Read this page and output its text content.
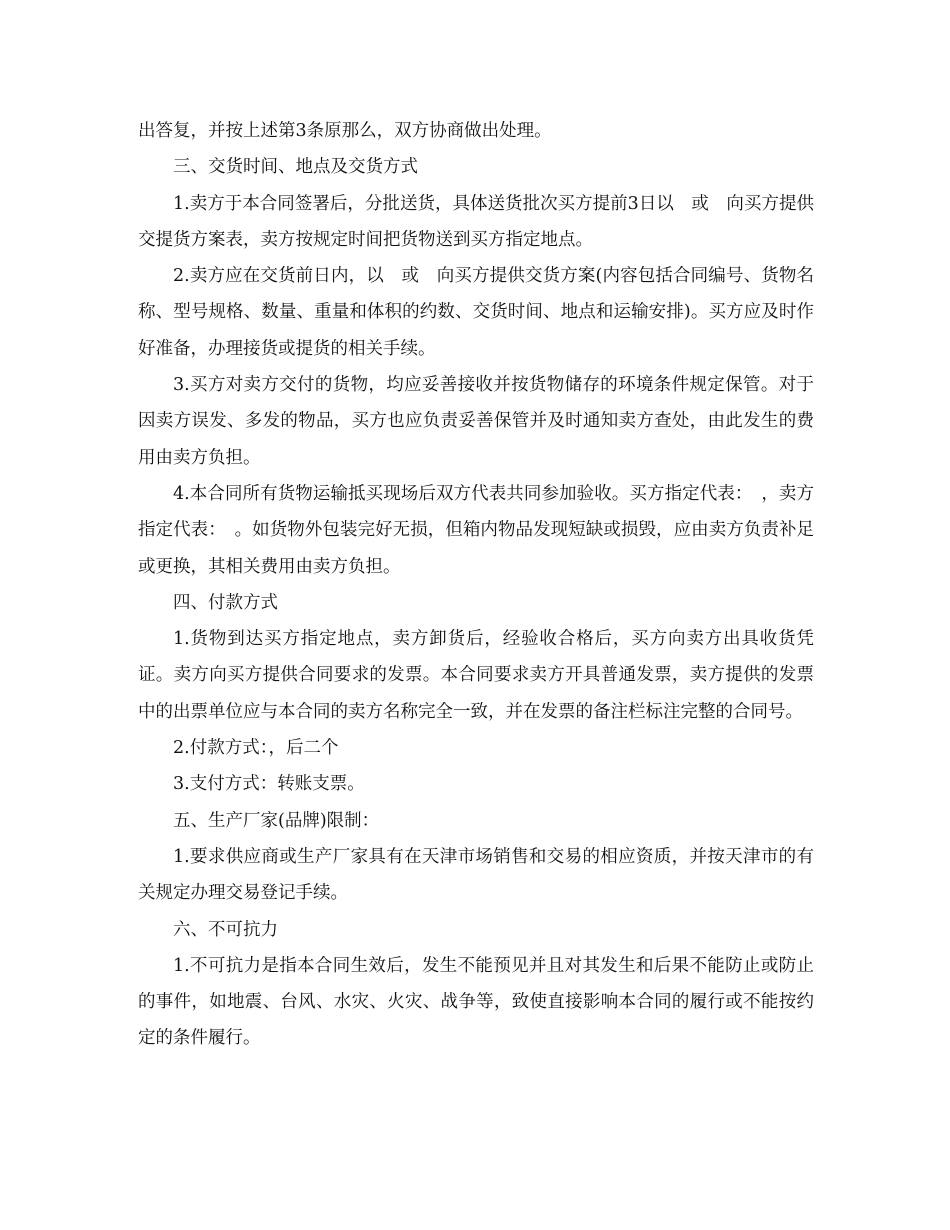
出答复，并按上述第3条原那么，双方协商做出处理。

三、交货时间、地点及交货方式

1.卖方于本合同签署后，分批送货，具体送货批次买方提前3日以　或　向买方提供交提货方案表，卖方按规定时间把货物送到买方指定地点。

2.卖方应在交货前日内，以　或　向买方提供交货方案(内容包括合同编号、货物名称、型号规格、数量、重量和体积的约数、交货时间、地点和运输安排)。买方应及时作好准备，办理接货或提货的相关手续。

3.买方对卖方交付的货物，均应妥善接收并按货物储存的环境条件规定保管。对于因卖方误发、多发的物品，买方也应负责妥善保管并及时通知卖方查处，由此发生的费用由卖方负担。

4.本合同所有货物运输抵买现场后双方代表共同参加验收。买方指定代表：　，卖方指定代表：　。如货物外包装完好无损，但箱内物品发现短缺或损毁，应由卖方负责补足或更换，其相关费用由卖方负担。

四、付款方式

1.货物到达买方指定地点，卖方卸货后，经验收合格后，买方向卖方出具收货凭证。卖方向买方提供合同要求的发票。本合同要求卖方开具普通发票，卖方提供的发票中的出票单位应与本合同的卖方名称完全一致，并在发票的备注栏标注完整的合同号。

2.付款方式：，后二个

3.支付方式：转账支票。

五、生产厂家(品牌)限制：

1.要求供应商或生产厂家具有在天津市场销售和交易的相应资质，并按天津市的有关规定办理交易登记手续。

六、不可抗力

1.不可抗力是指本合同生效后，发生不能预见并且对其发生和后果不能防止或防止的事件，如地震、台风、水灾、火灾、战争等，致使直接影响本合同的履行或不能按约定的条件履行。
